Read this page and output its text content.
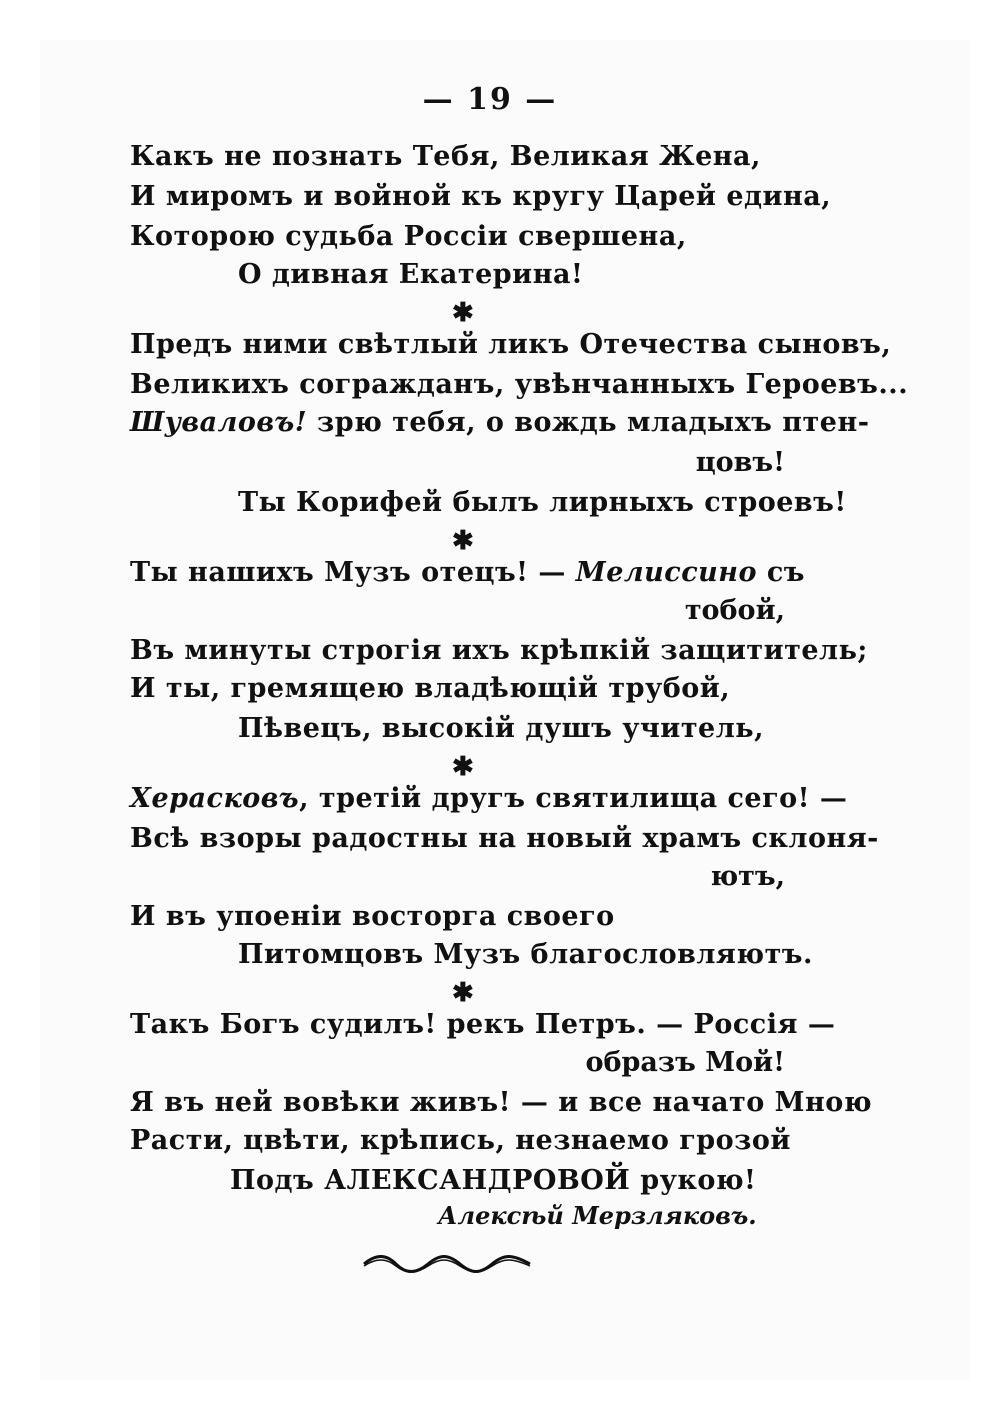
— 19 —
Какъ не познать Тебя, Великая Жена,
И миромъ и войной къ кругу Царей едина,
Которою судьба Россіи свершена,
О дивная Екатерина!
✱
Предъ ними свѣтлый ликъ Отечества сыновъ,
Великихъ согражданъ, увѣнчанныхъ Героевъ...
Шуваловъ! зрю тебя, о вождь младыхъ птен-
цовъ!
Ты Корифей былъ лирныхъ строевъ!
✱
Ты нашихъ Музъ отецъ! — Мелиссино съ
тобой,
Въ минуты строгія ихъ крѣпкій защититель;
И ты, гремящею владѣющій трубой,
Пѣвецъ, высокій душъ учитель,
✱
Херасковъ, третій другъ святилища сего! —
Всѣ взоры радостны на новый храмъ склоня-
ютъ,
И въ упоеніи восторга своего
Питомцовъ Музъ благословляютъ.
✱
Такъ Богъ судилъ! рекъ Петръ. — Россія —
образъ Мой!
Я въ ней вовѣки живъ! — и все начато Мною
Расти, цвѣти, крѣпись, незнаемо грозой
Подъ АЛЕКСАНДРОВОЙ рукою!
Алексѣй Мерзляковъ.
